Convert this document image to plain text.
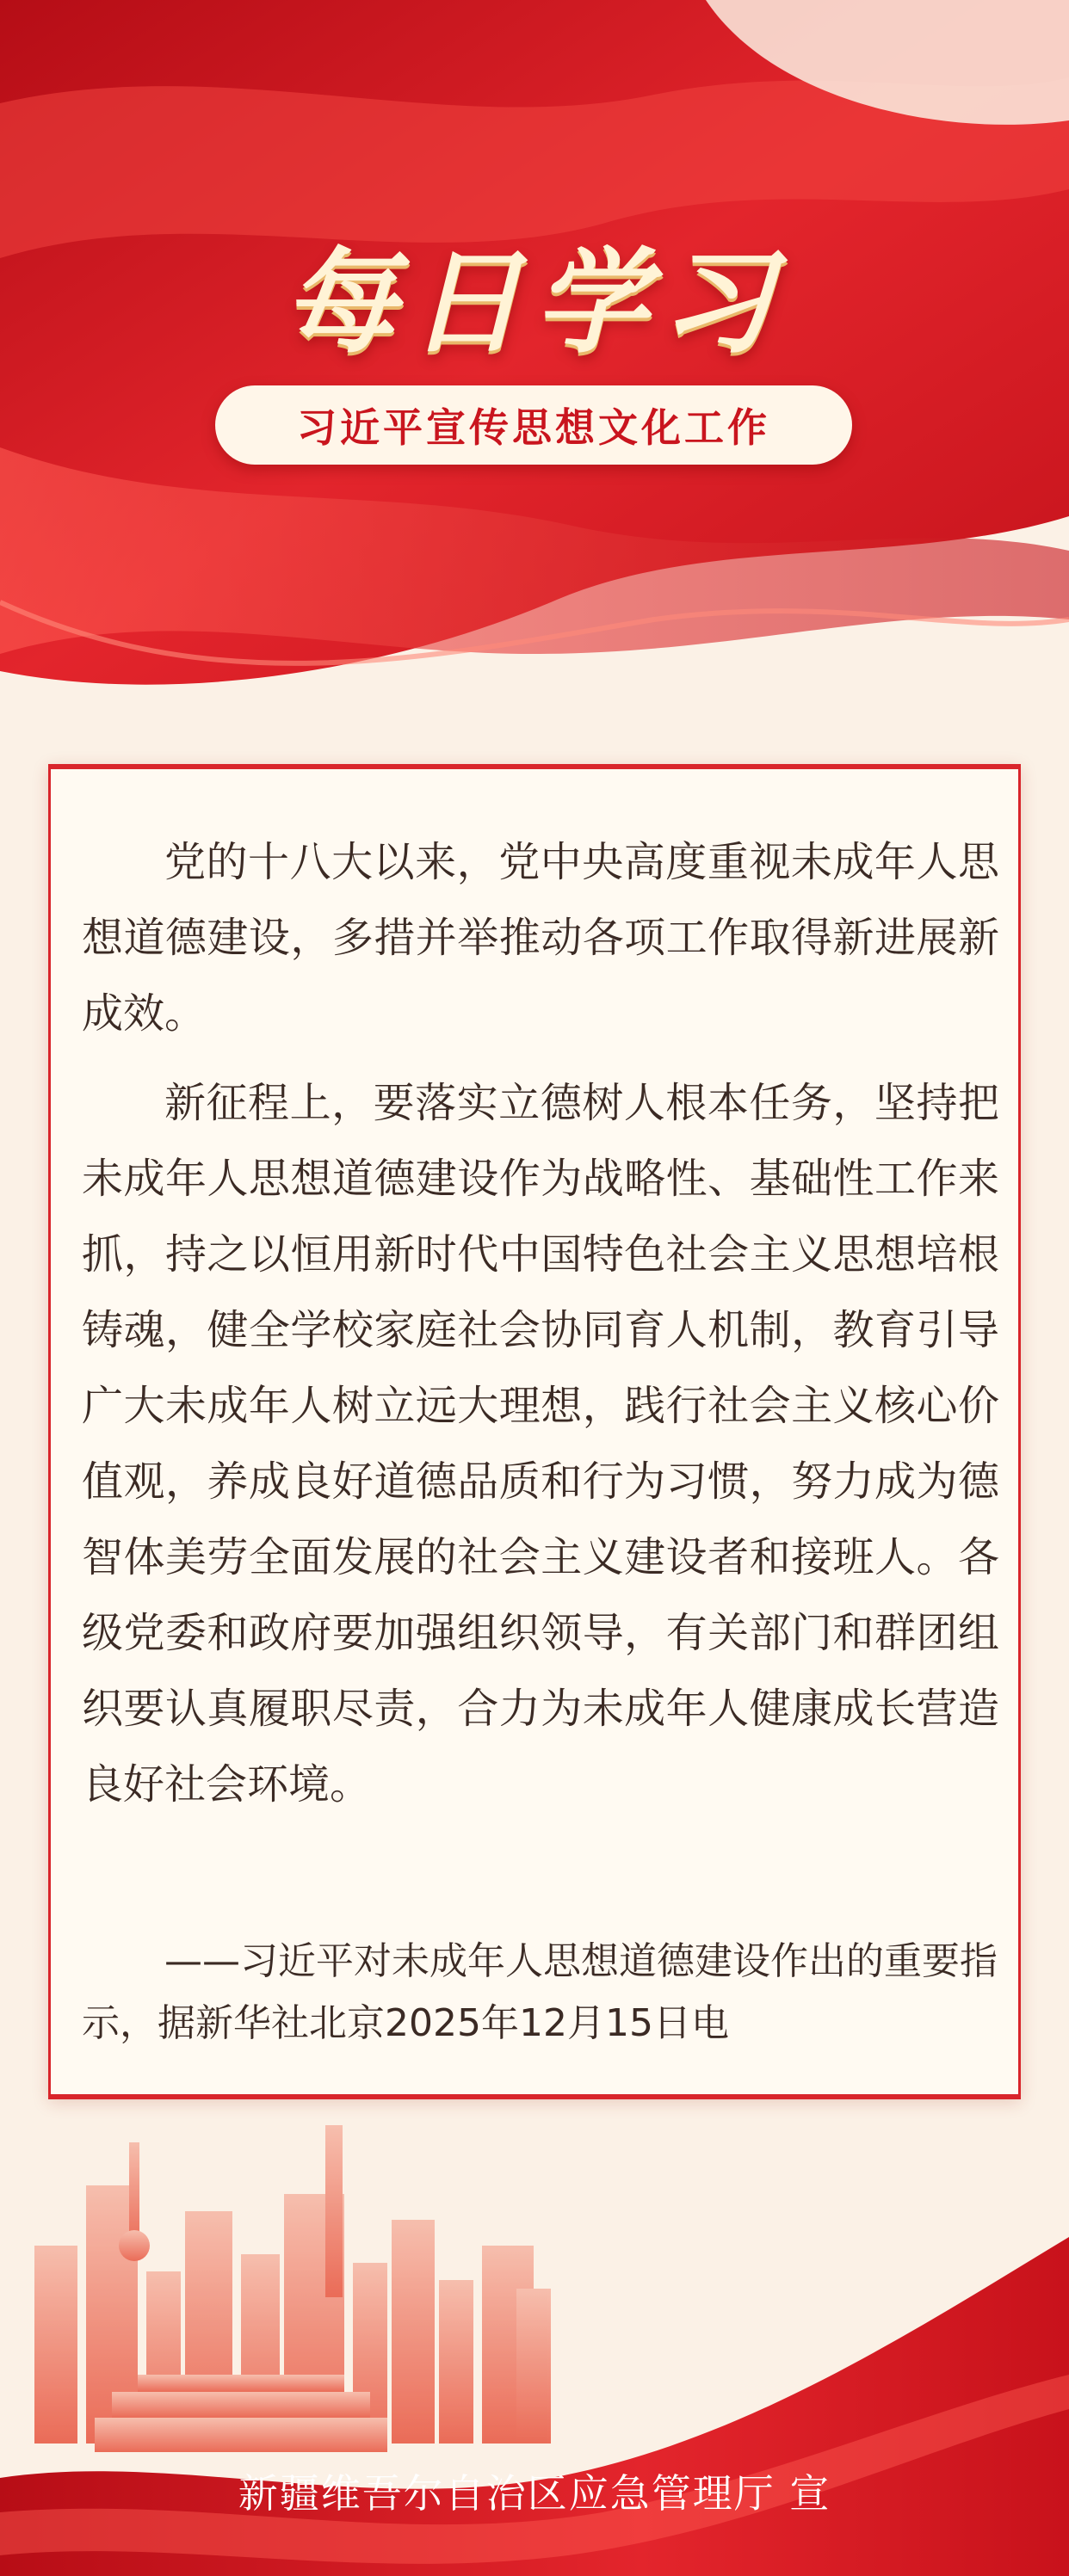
每日学习
习近平宣传思想文化工作

党的十八大以来，党中央高度重视未成年人思想道德建设，多措并举推动各项工作取得新进展新成效。

新征程上，要落实立德树人根本任务，坚持把未成年人思想道德建设作为战略性、基础性工作来抓，持之以恒用新时代中国特色社会主义思想培根铸魂，健全学校家庭社会协同育人机制，教育引导广大未成年人树立远大理想，践行社会主义核心价值观，养成良好道德品质和行为习惯，努力成为德智体美劳全面发展的社会主义建设者和接班人。各级党委和政府要加强组织领导，有关部门和群团组织要认真履职尽责，合力为未成年人健康成长营造良好社会环境。

——习近平对未成年人思想道德建设作出的重要指示，据新华社北京2025年12月15日电

新疆维吾尔自治区应急管理厅 宣
